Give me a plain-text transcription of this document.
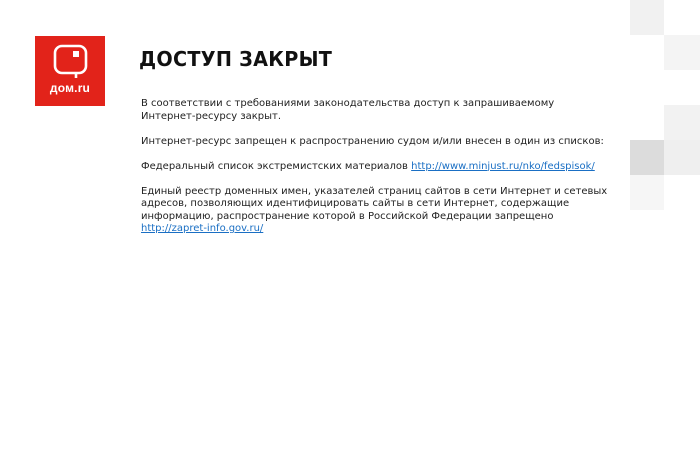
дом.ru
ДОСТУП ЗАКРЫТ

В соответствии с требованиями законодательства доступ к запрашиваемому Интернет-ресурсу закрыт.

Интернет-ресурс запрещен к распространению судом и/или внесен в один из списков:

Федеральный список экстремистских материалов http://www.minjust.ru/nko/fedspisok/

Единый реестр доменных имен, указателей страниц сайтов в сети Интернет и сетевых адресов, позволяющих идентифицировать сайты в сети Интернет, содержащие информацию, распространение которой в Российской Федерации запрещено http://zapret-info.gov.ru/
